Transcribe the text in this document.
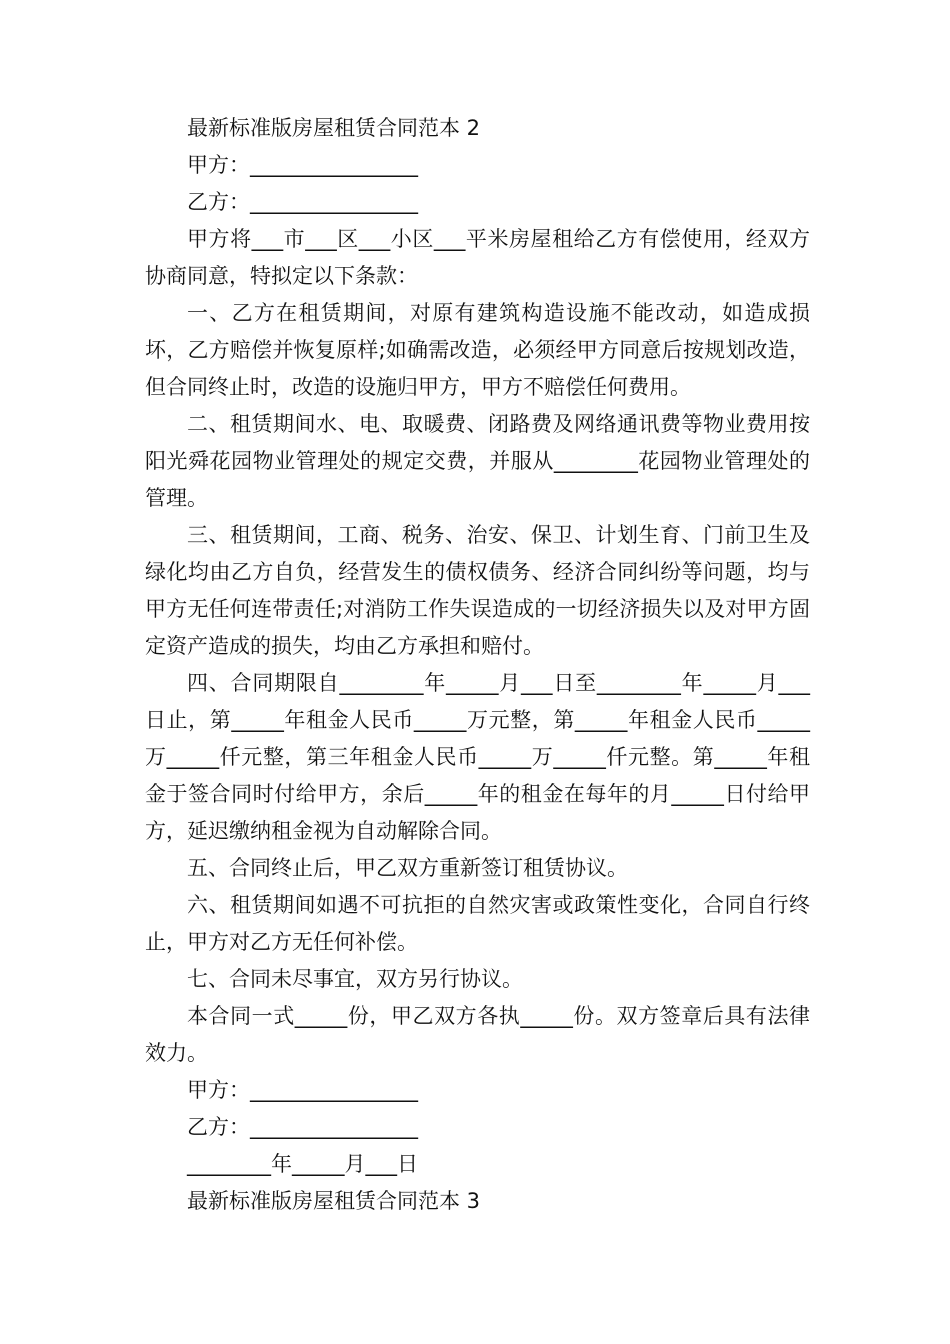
最新标准版房屋租赁合同范本 2

甲方：________________

乙方：________________

甲方将___市___区___小区___平米房屋租给乙方有偿使用，经双方协商同意，特拟定以下条款：

一、乙方在租赁期间，对原有建筑构造设施不能改动，如造成损坏，乙方赔偿并恢复原样;如确需改造，必须经甲方同意后按规划改造，但合同终止时，改造的设施归甲方，甲方不赔偿任何费用。

二、租赁期间水、电、取暖费、闭路费及网络通讯费等物业费用按阳光舜花园物业管理处的规定交费，并服从________花园物业管理处的管理。

三、租赁期间，工商、税务、治安、保卫、计划生育、门前卫生及绿化均由乙方自负，经营发生的债权债务、经济合同纠纷等问题，均与甲方无任何连带责任;对消防工作失误造成的一切经济损失以及对甲方固定资产造成的损失，均由乙方承担和赔付。

四、合同期限自________年_____月___日至________年_____月___日止，第_____年租金人民币_____万元整，第_____年租金人民币_____万_____仟元整，第三年租金人民币_____万_____仟元整。第_____年租金于签合同时付给甲方，余后_____年的租金在每年的月_____日付给甲方，延迟缴纳租金视为自动解除合同。

五、合同终止后，甲乙双方重新签订租赁协议。

六、租赁期间如遇不可抗拒的自然灾害或政策性变化，合同自行终止，甲方对乙方无任何补偿。

七、合同未尽事宜，双方另行协议。

本合同一式_____份，甲乙双方各执_____份。双方签章后具有法律效力。

甲方：________________

乙方：________________

________年_____月___日

最新标准版房屋租赁合同范本 3
